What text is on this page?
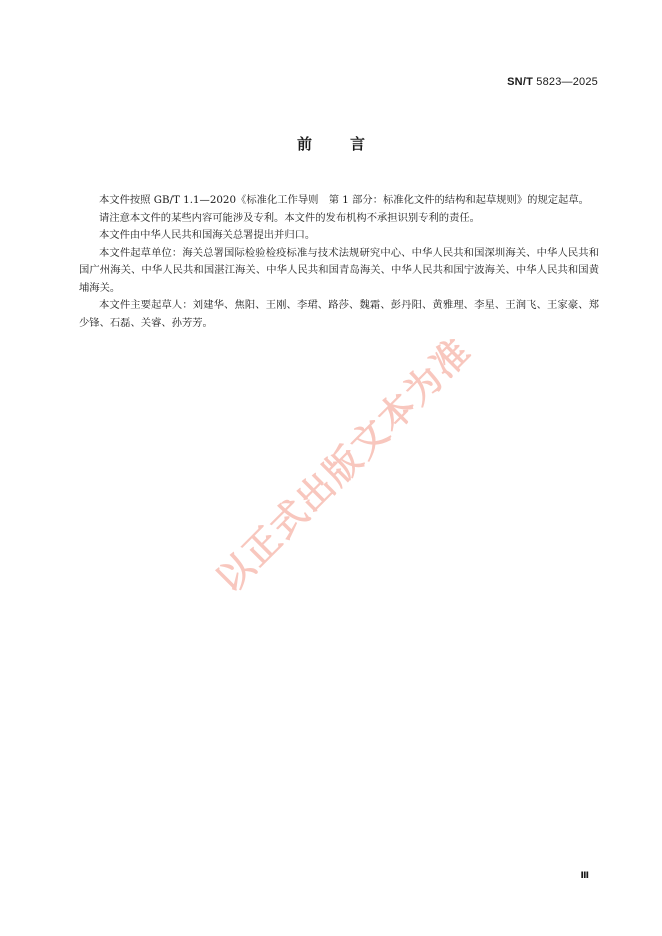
SN/T 5823—2025
前	言

本文件按照 GB/T 1.1—2020《标准化工作导则　第 1 部分：标准化文件的结构和起草规则》的规定起草。

请注意本文件的某些内容可能涉及专利。本文件的发布机构不承担识别专利的责任。

本文件由中华人民共和国海关总署提出并归口。

本文件起草单位：海关总署国际检验检疫标准与技术法规研究中心、中华人民共和国深圳海关、中华人民共和国广州海关、中华人民共和国湛江海关、中华人民共和国青岛海关、中华人民共和国宁波海关、中华人民共和国黄埔海关。

本文件主要起草人：刘建华、焦阳、王刚、李珺、路莎、魏霜、彭丹阳、黄雅理、李星、王润飞、王家豪、郑少锋、石磊、关睿、孙芳芳。

以正式出版文本为准
Ⅲ
